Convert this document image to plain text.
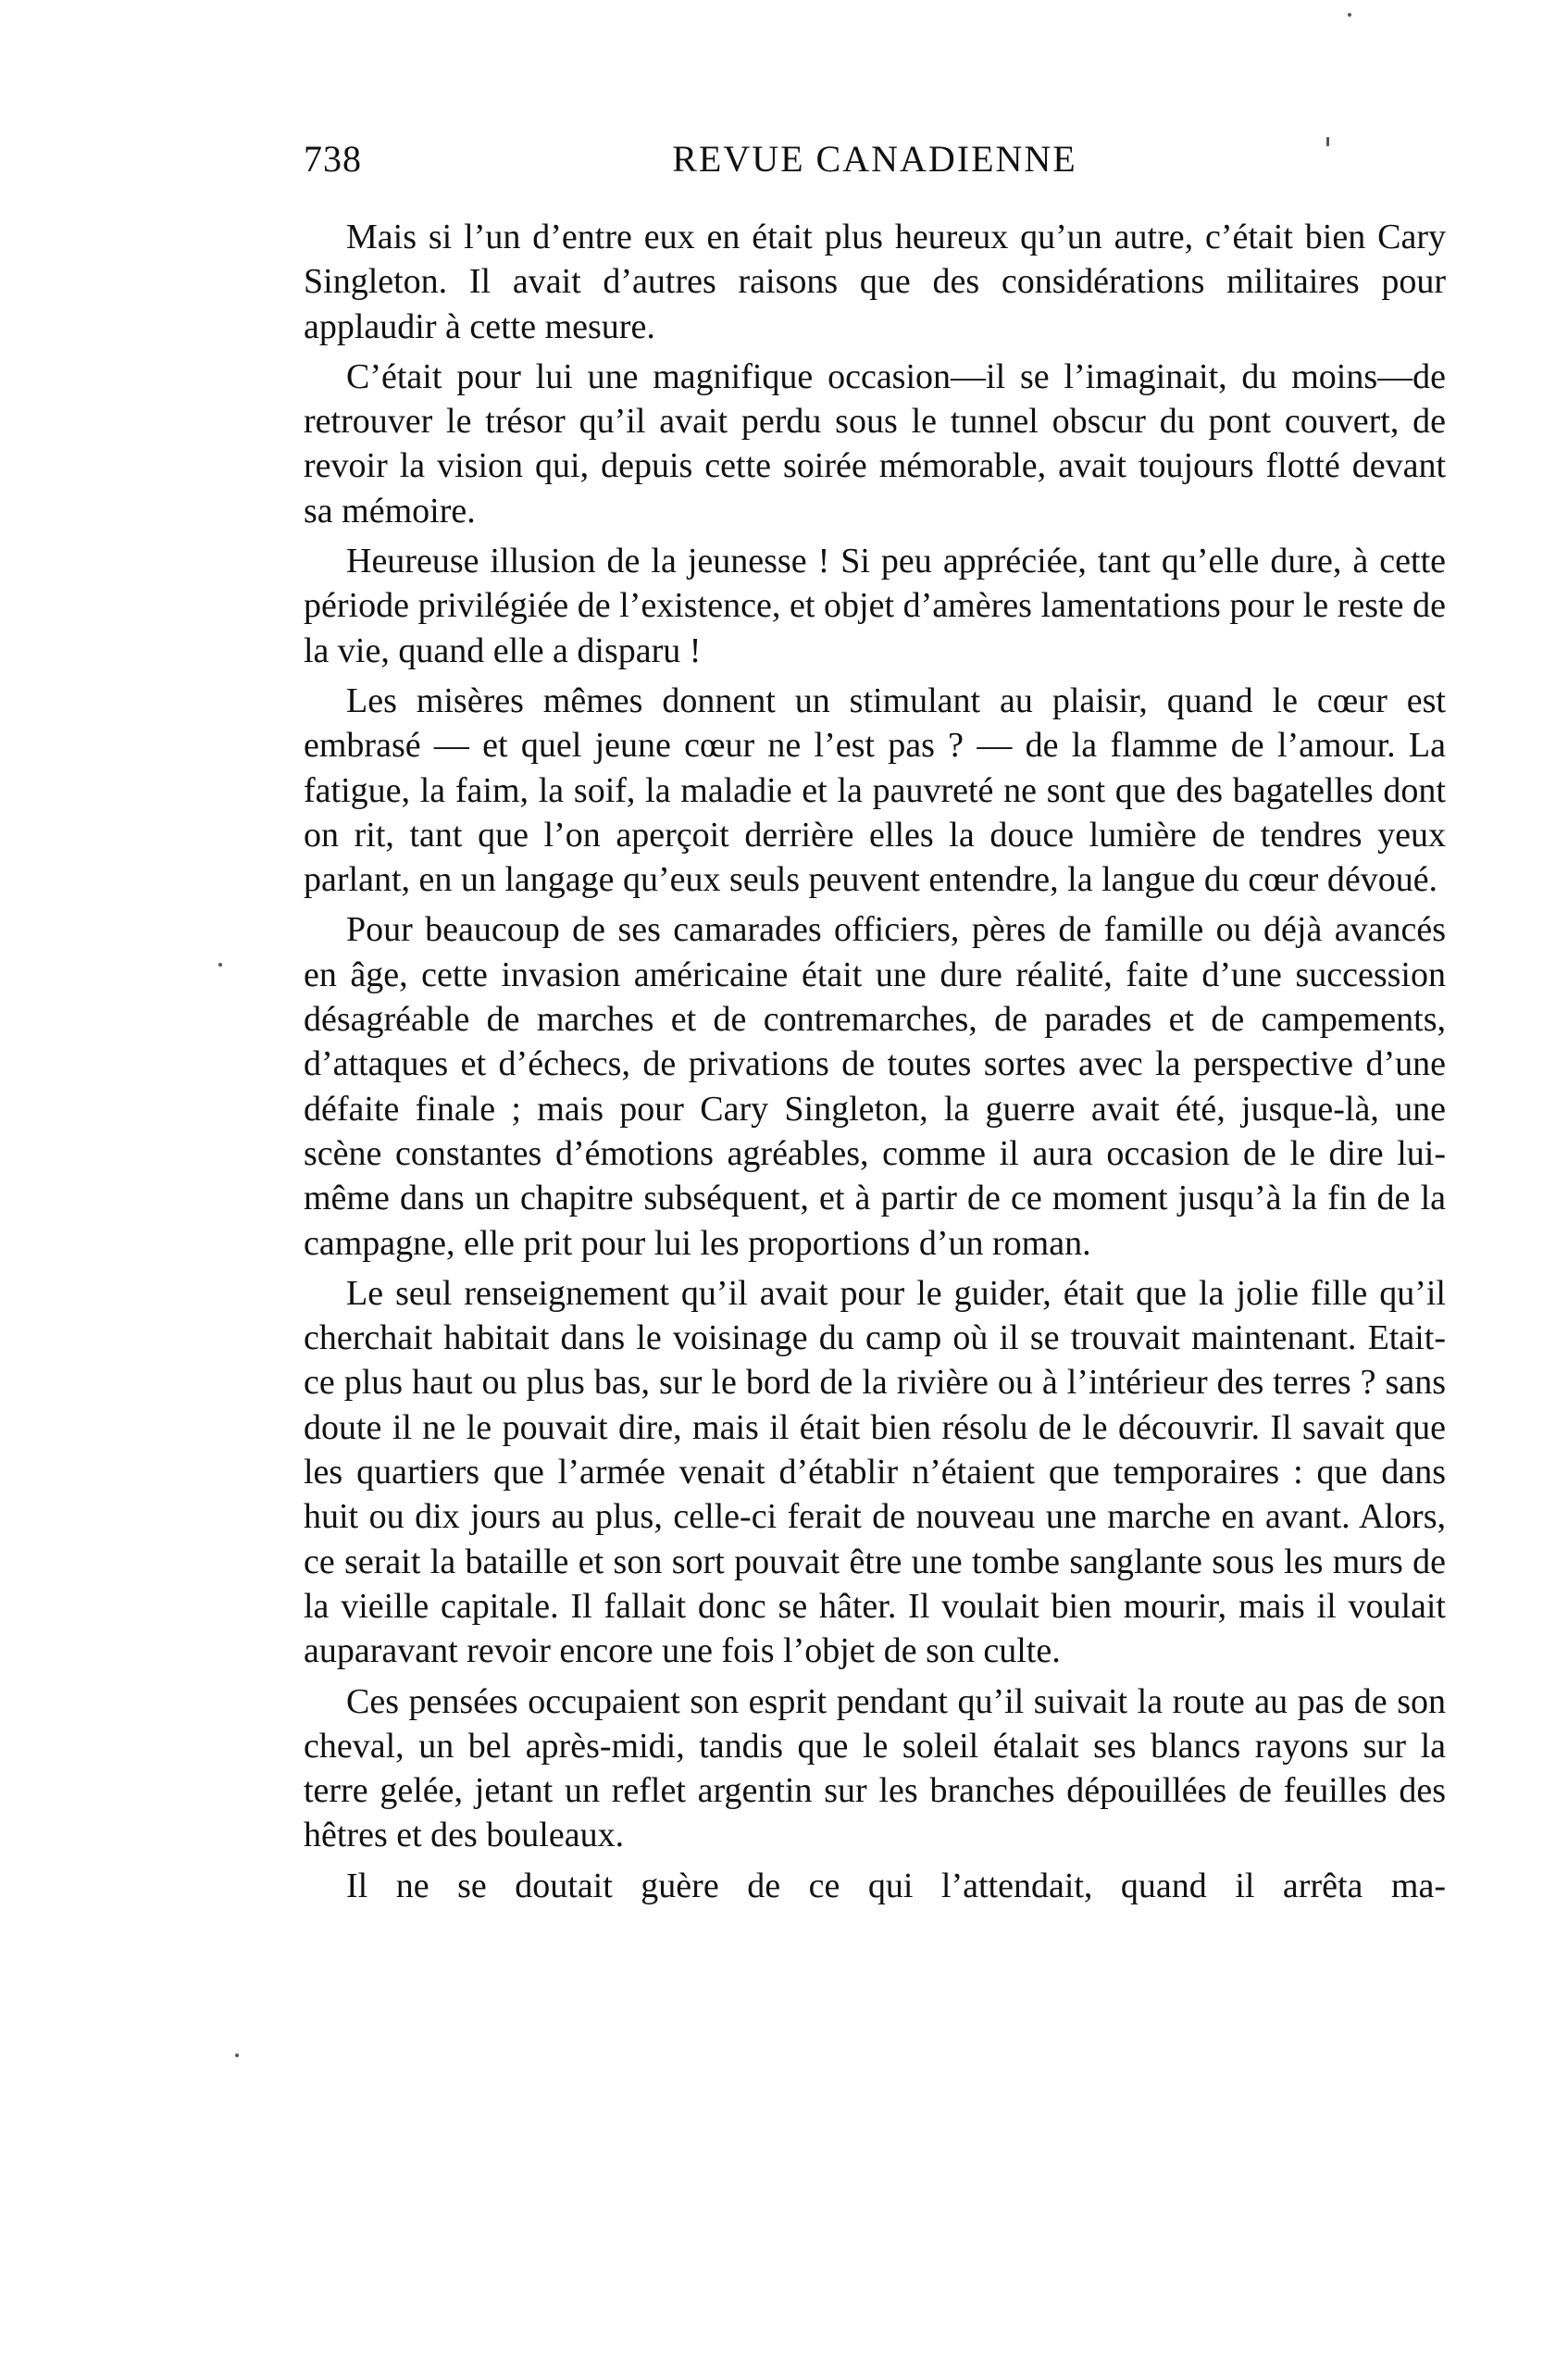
738	REVUE CANADIENNE

Mais si l’un d’entre eux en était plus heureux qu’un autre, c’était bien Cary Singleton. Il avait d’autres raisons que des considérations militaires pour applaudir à cette mesure.

C’était pour lui une magnifique occasion—il se l’imaginait, du moins—de retrouver le trésor qu’il avait perdu sous le tunnel obscur du pont couvert, de revoir la vision qui, depuis cette soirée mémorable, avait toujours flotté devant sa mémoire.

Heureuse illusion de la jeunesse ! Si peu appréciée, tant qu’elle dure, à cette période privilégiée de l’existence, et objet d’amères lamentations pour le reste de la vie, quand elle a disparu !

Les misères mêmes donnent un stimulant au plaisir, quand le cœur est embrasé — et quel jeune cœur ne l’est pas ? — de la flamme de l’amour. La fatigue, la faim, la soif, la maladie et la pauvreté ne sont que des bagatelles dont on rit, tant que l’on aperçoit derrière elles la douce lumière de tendres yeux parlant, en un langage qu’eux seuls peuvent entendre, la langue du cœur dévoué.

Pour beaucoup de ses camarades officiers, pères de famille ou déjà avancés en âge, cette invasion américaine était une dure réalité, faite d’une succession désagréable de marches et de contremarches, de parades et de campements, d’attaques et d’échecs, de privations de toutes sortes avec la perspective d’une défaite finale ; mais pour Cary Singleton, la guerre avait été, jusque-là, une scène constantes d’émotions agréables, comme il aura occasion de le dire lui-même dans un chapitre subséquent, et à partir de ce moment jusqu’à la fin de la campagne, elle prit pour lui les proportions d’un roman.

Le seul renseignement qu’il avait pour le guider, était que la jolie fille qu’il cherchait habitait dans le voisinage du camp où il se trouvait maintenant. Etait-ce plus haut ou plus bas, sur le bord de la rivière ou à l’intérieur des terres ? sans doute il ne le pouvait dire, mais il était bien résolu de le découvrir. Il savait que les quartiers que l’armée venait d’établir n’étaient que temporaires : que dans huit ou dix jours au plus, celle-ci ferait de nouveau une marche en avant. Alors, ce serait la bataille et son sort pouvait être une tombe sanglante sous les murs de la vieille capitale. Il fallait donc se hâter. Il voulait bien mourir, mais il voulait auparavant revoir encore une fois l’objet de son culte.

Ces pensées occupaient son esprit pendant qu’il suivait la route au pas de son cheval, un bel après-midi, tandis que le soleil étalait ses blancs rayons sur la terre gelée, jetant un reflet argentin sur les branches dépouillées de feuilles des hêtres et des bouleaux.

Il ne se doutait guère de ce qui l’attendait, quand il arrêta ma-
